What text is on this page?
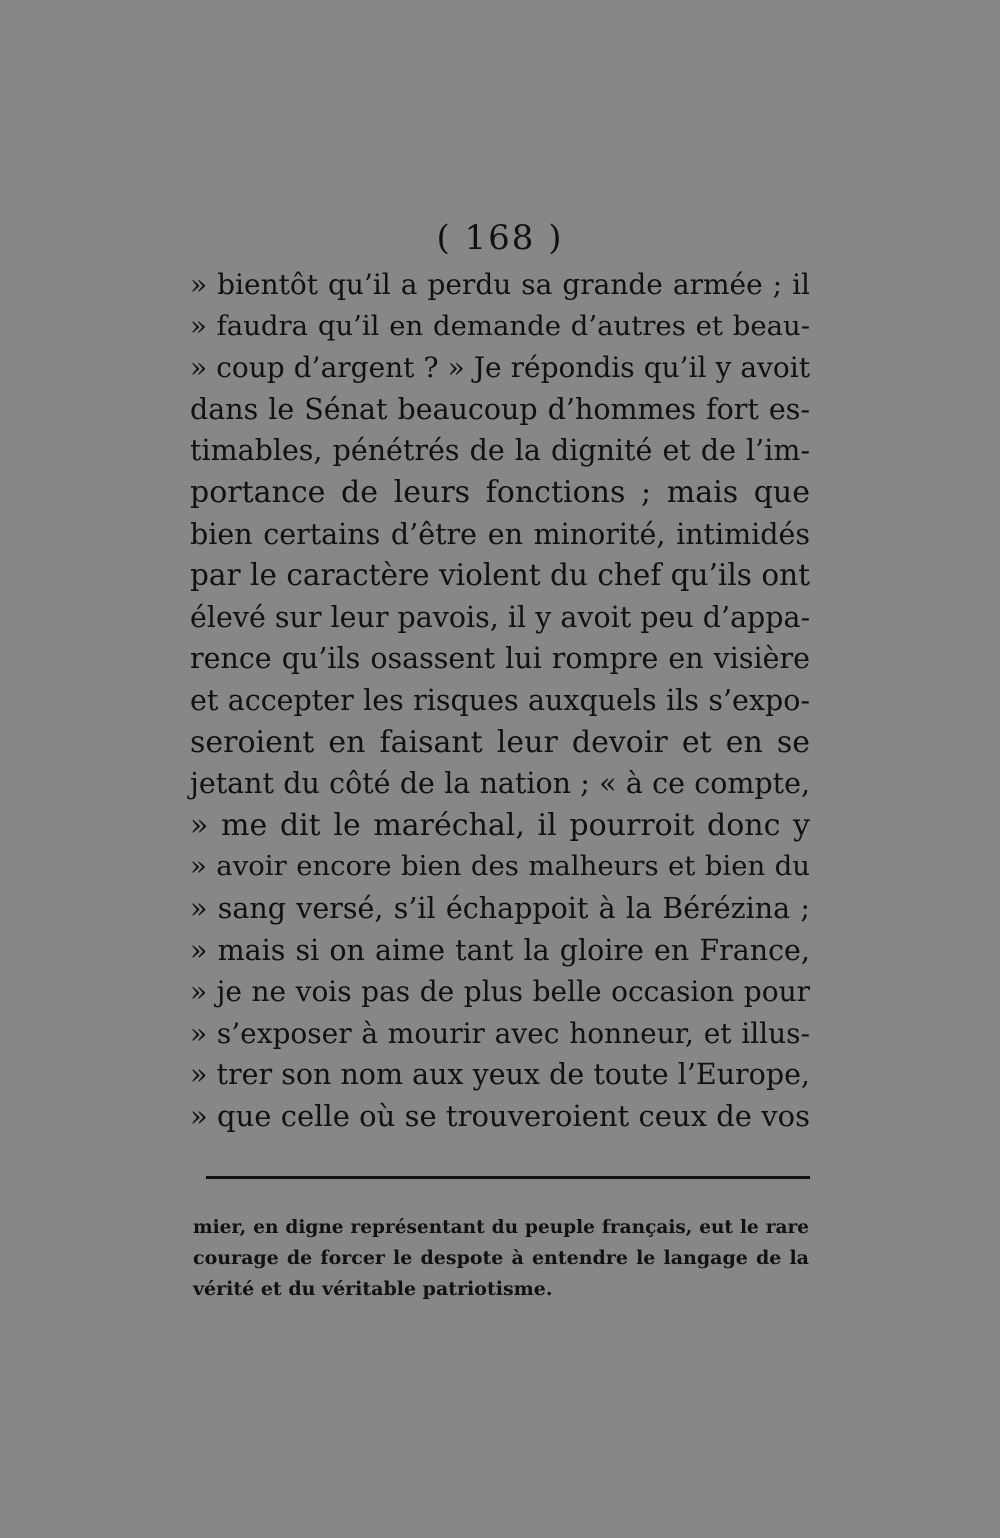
( 168 )
» bientôt qu’il a perdu sa grande armée ; il
» faudra qu’il en demande d’autres et beau-
» coup d’argent ? » Je répondis qu’il y avoit
dans le Sénat beaucoup d’hommes fort es-
timables, pénétrés de la dignité et de l’im-
portance de leurs fonctions ; mais que
bien certains d’être en minorité, intimidés
par le caractère violent du chef qu’ils ont
élevé sur leur pavois, il y avoit peu d’appa-
rence qu’ils osassent lui rompre en visière
et accepter les risques auxquels ils s’expo-
seroient en faisant leur devoir et en se
jetant du côté de la nation ; « à ce compte,
» me dit le maréchal, il pourroit donc y
» avoir encore bien des malheurs et bien du
» sang versé, s’il échappoit à la Bérézina ;
» mais si on aime tant la gloire en France,
» je ne vois pas de plus belle occasion pour
» s’exposer à mourir avec honneur, et illus-
» trer son nom aux yeux de toute l’Europe,
» que celle où se trouveroient ceux de vos
mier, en digne représentant du peuple français, eut le rare
courage de forcer le despote à entendre le langage de la
vérité et du véritable patriotisme.
